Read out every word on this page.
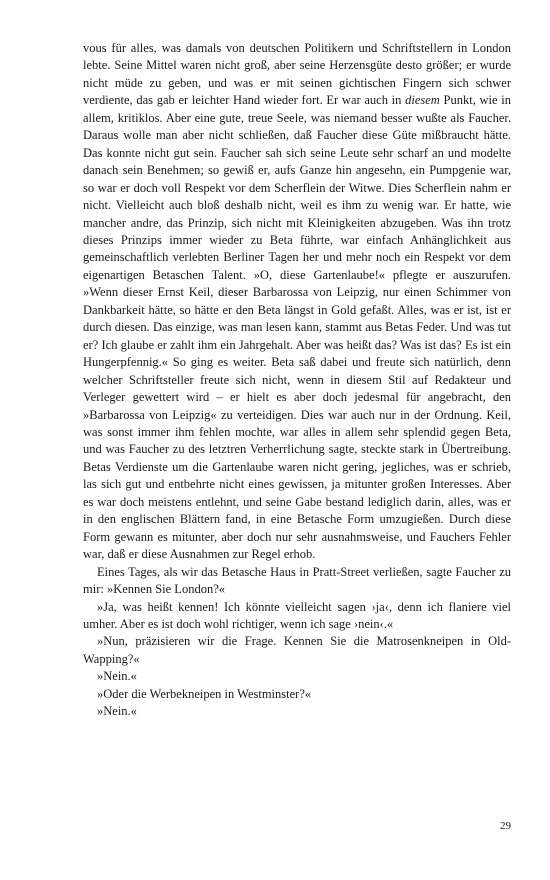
vous für alles, was damals von deutschen Politikern und Schriftstellern in London lebte. Seine Mittel waren nicht groß, aber seine Herzensgüte desto größer; er wurde nicht müde zu geben, und was er mit seinen gichtischen Fingern sich schwer verdiente, das gab er leichter Hand wieder fort. Er war auch in diesem Punkt, wie in allem, kritiklos. Aber eine gute, treue Seele, was niemand besser wußte als Faucher. Daraus wolle man aber nicht schließen, daß Faucher diese Güte mißbraucht hätte. Das konnte nicht gut sein. Faucher sah sich seine Leute sehr scharf an und modelte danach sein Benehmen; so gewiß er, aufs Ganze hin angesehn, ein Pumpgenie war, so war er doch voll Respekt vor dem Scherflein der Witwe. Dies Scherflein nahm er nicht. Vielleicht auch bloß deshalb nicht, weil es ihm zu wenig war. Er hatte, wie mancher andre, das Prinzip, sich nicht mit Kleinigkeiten abzugeben. Was ihn trotz dieses Prinzips immer wieder zu Beta führte, war einfach Anhänglichkeit aus gemeinschaftlich verlebten Berliner Tagen her und mehr noch ein Respekt vor dem eigenartigen Betaschen Talent. »O, diese Gartenlaube!« pflegte er auszurufen. »Wenn dieser Ernst Keil, dieser Barbarossa von Leipzig, nur einen Schimmer von Dankbarkeit hätte, so hätte er den Beta längst in Gold gefaßt. Alles, was er ist, ist er durch diesen. Das einzige, was man lesen kann, stammt aus Betas Feder. Und was tut er? Ich glaube er zahlt ihm ein Jahrgehalt. Aber was heißt das? Was ist das? Es ist ein Hungerpfennig.« So ging es weiter. Beta saß dabei und freute sich natürlich, denn welcher Schriftsteller freute sich nicht, wenn in diesem Stil auf Redakteur und Verleger gewettert wird – er hielt es aber doch jedesmal für angebracht, den »Barbarossa von Leipzig« zu verteidigen. Dies war auch nur in der Ordnung. Keil, was sonst immer ihm fehlen mochte, war alles in allem sehr splendid gegen Beta, und was Faucher zu des letztren Verherrlichung sagte, steckte stark in Übertreibung. Betas Verdienste um die Gartenlaube waren nicht gering, jegliches, was er schrieb, las sich gut und entbehrte nicht eines gewissen, ja mitunter großen Interesses. Aber es war doch meistens entlehnt, und seine Gabe bestand lediglich darin, alles, was er in den englischen Blättern fand, in eine Betasche Form umzugießen. Durch diese Form gewann es mitunter, aber doch nur sehr ausnahmsweise, und Fauchers Fehler war, daß er diese Ausnahmen zur Regel erhob.

Eines Tages, als wir das Betasche Haus in Pratt-Street verließen, sagte Faucher zu mir: »Kennen Sie London?«

»Ja, was heißt kennen! Ich könnte vielleicht sagen ›ja‹, denn ich flaniere viel umher. Aber es ist doch wohl richtiger, wenn ich sage ›nein‹.«

»Nun, präzisieren wir die Frage. Kennen Sie die Matrosenkneipen in Old-Wapping?«

»Nein.«

»Oder die Werbekneipen in Westminster?«

»Nein.«

29
